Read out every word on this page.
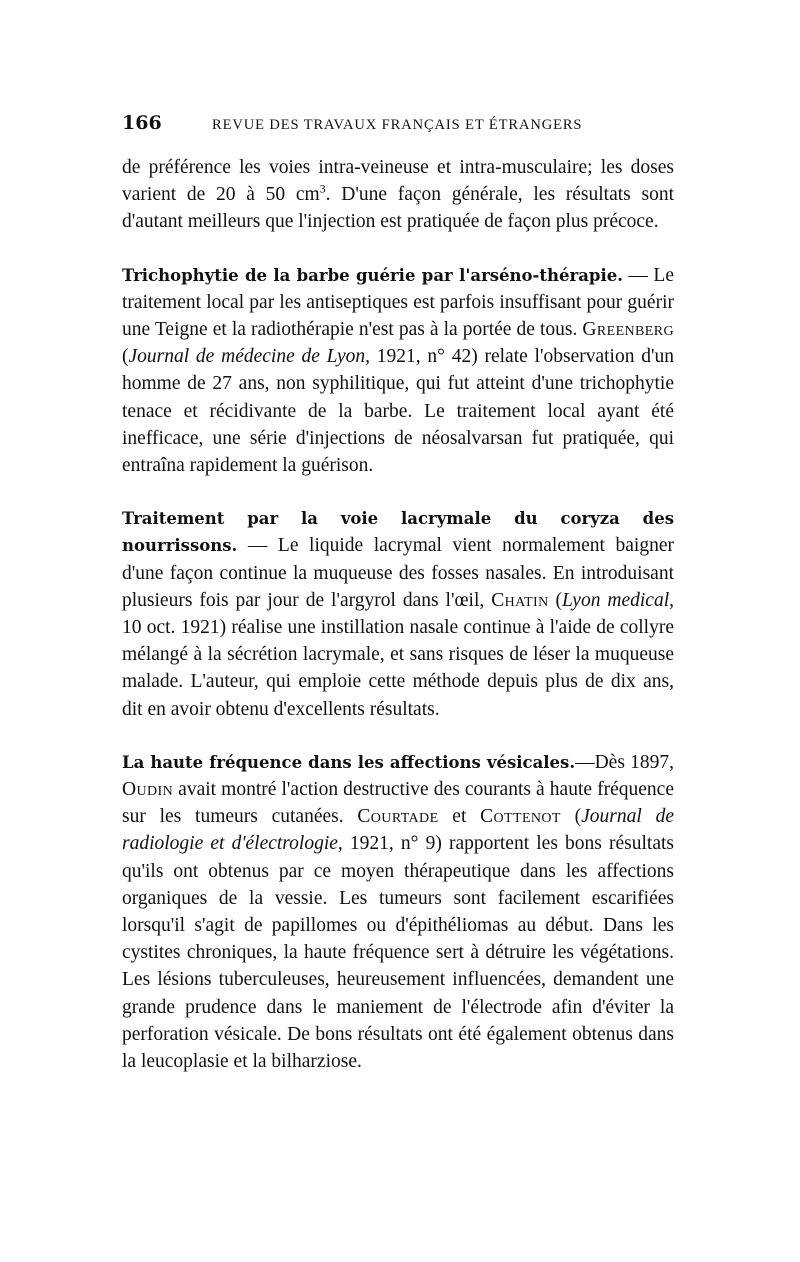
166	REVUE DES TRAVAUX FRANÇAIS ET ÉTRANGERS

de préférence les voies intra-veineuse et intra-musculaire; les doses varient de 20 à 50 $cm^3$. D'une façon générale, les résultats sont d'autant meilleurs que l'injection est pratiquée de façon plus précoce.

Trichophytie de la barbe guérie par l'arséno-thérapie. — Le traitement local par les antiseptiques est parfois insuffisant pour guérir une Teigne et la radiothérapie n'est pas à la portée de tous. Greenberg (Journal de médecine de Lyon, 1921, n° 42) relate l'observation d'un homme de 27 ans, non syphilitique, qui fut atteint d'une trichophytie tenace et récidivante de la barbe. Le traitement local ayant été inefficace, une série d'injections de néosalvarsan fut pratiquée, qui entraîna rapidement la guérison.

Traitement par la voie lacrymale du coryza des nourrissons. — Le liquide lacrymal vient normalement baigner d'une façon continue la muqueuse des fosses nasales. En introduisant plusieurs fois par jour de l'argyrol dans l'œil, Chatin (Lyon medical, 10 oct. 1921) réalise une instillation nasale continue à l'aide de collyre mélangé à la sécrétion lacrymale, et sans risques de léser la muqueuse malade. L'auteur, qui emploie cette méthode depuis plus de dix ans, dit en avoir obtenu d'excellents résultats.

La haute fréquence dans les affections vésicales.—Dès 1897, Oudin avait montré l'action destructive des courants à haute fréquence sur les tumeurs cutanées. Courtade et Cottenot (Journal de radiologie et d'électrologie, 1921, n° 9) rapportent les bons résultats qu'ils ont obtenus par ce moyen thérapeutique dans les affections organiques de la vessie. Les tumeurs sont facilement escarifiées lorsqu'il s'agit de papillomes ou d'épithéliomas au début. Dans les cystites chroniques, la haute fréquence sert à détruire les végétations. Les lésions tuberculeuses, heureusement influencées, demandent une grande prudence dans le maniement de l'électrode afin d'éviter la perforation vésicale. De bons résultats ont été également obtenus dans la leucoplasie et la bilharziose.
